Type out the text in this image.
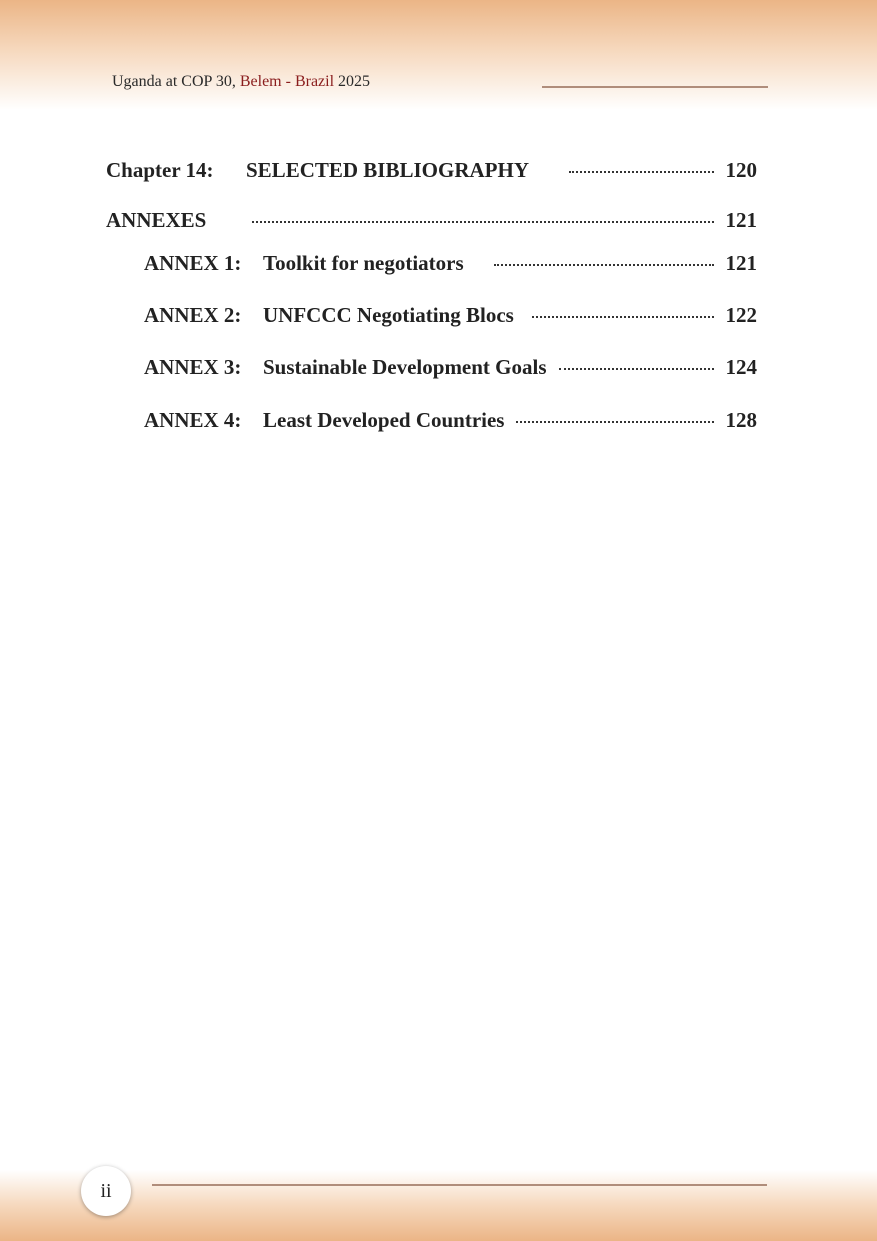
Uganda at COP 30, Belem - Brazil 2025
Chapter 14:	SELECTED BIBLIOGRAPHY	120
ANNEXES	121
ANNEX 1:	Toolkit for negotiators	121
ANNEX 2:	UNFCCC Negotiating Blocs	122
ANNEX 3:	Sustainable Development Goals	124
ANNEX 4:	Least Developed Countries	128
ii
